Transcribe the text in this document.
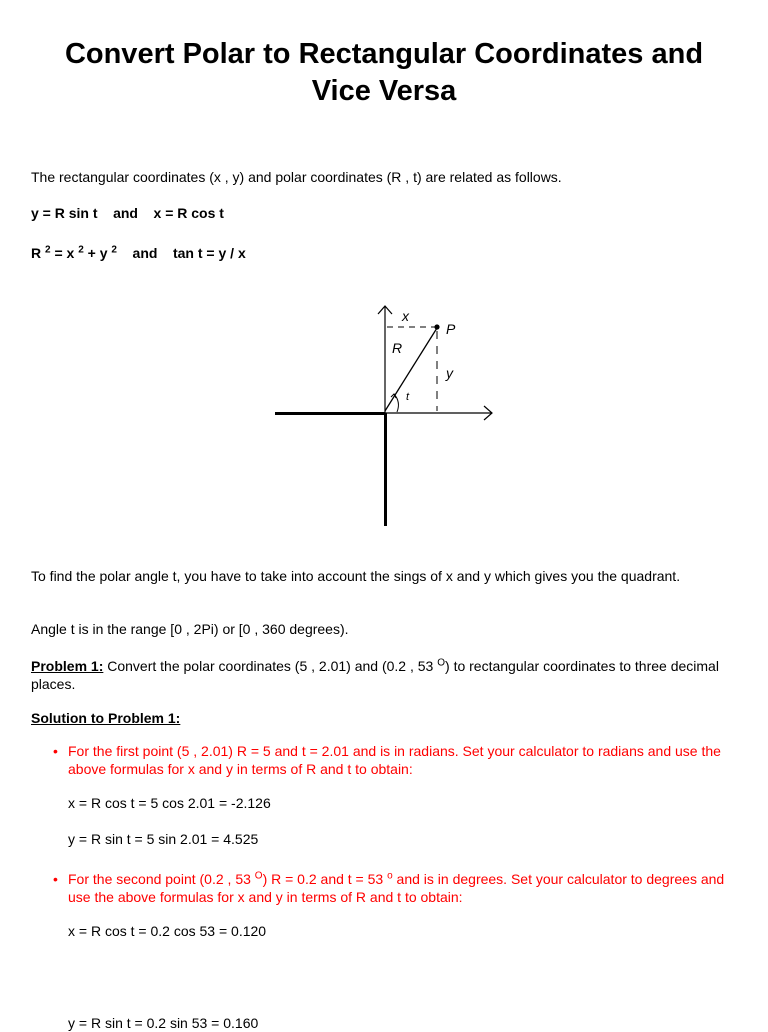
Convert Polar to Rectangular Coordinates and
Vice Versa

The rectangular coordinates (x , y) and polar coordinates (R , t) are related as follows.

y = R sin t    and    x = R cos t

R $^2$ = x $^2$ + y $^2$    and    tan t = y / x

x
P
R
y
t

To find the polar angle t, you have to take into account the sings of x and y which gives you the quadrant.

Angle t is in the range [0 , 2Pi) or [0 , 360 degrees).

Problem 1: Convert the polar coordinates (5 , 2.01) and (0.2 , 53 $^O$) to rectangular coordinates to three decimal places.

Solution to Problem 1:

• For the first point (5 , 2.01) R = 5 and t = 2.01 and is in radians. Set your calculator to radians and use the above formulas for x and y in terms of R and t to obtain:

x = R cos t = 5 cos 2.01 = -2.126

y = R sin t = 5 sin 2.01 = 4.525

• For the second point (0.2 , 53 $^O$) R = 0.2 and t = 53 $^o$ and is in degrees. Set your calculator to degrees and use the above formulas for x and y in terms of R and t to obtain:

x = R cos t = 0.2 cos 53 = 0.120

y = R sin t = 0.2 sin 53 = 0.160
